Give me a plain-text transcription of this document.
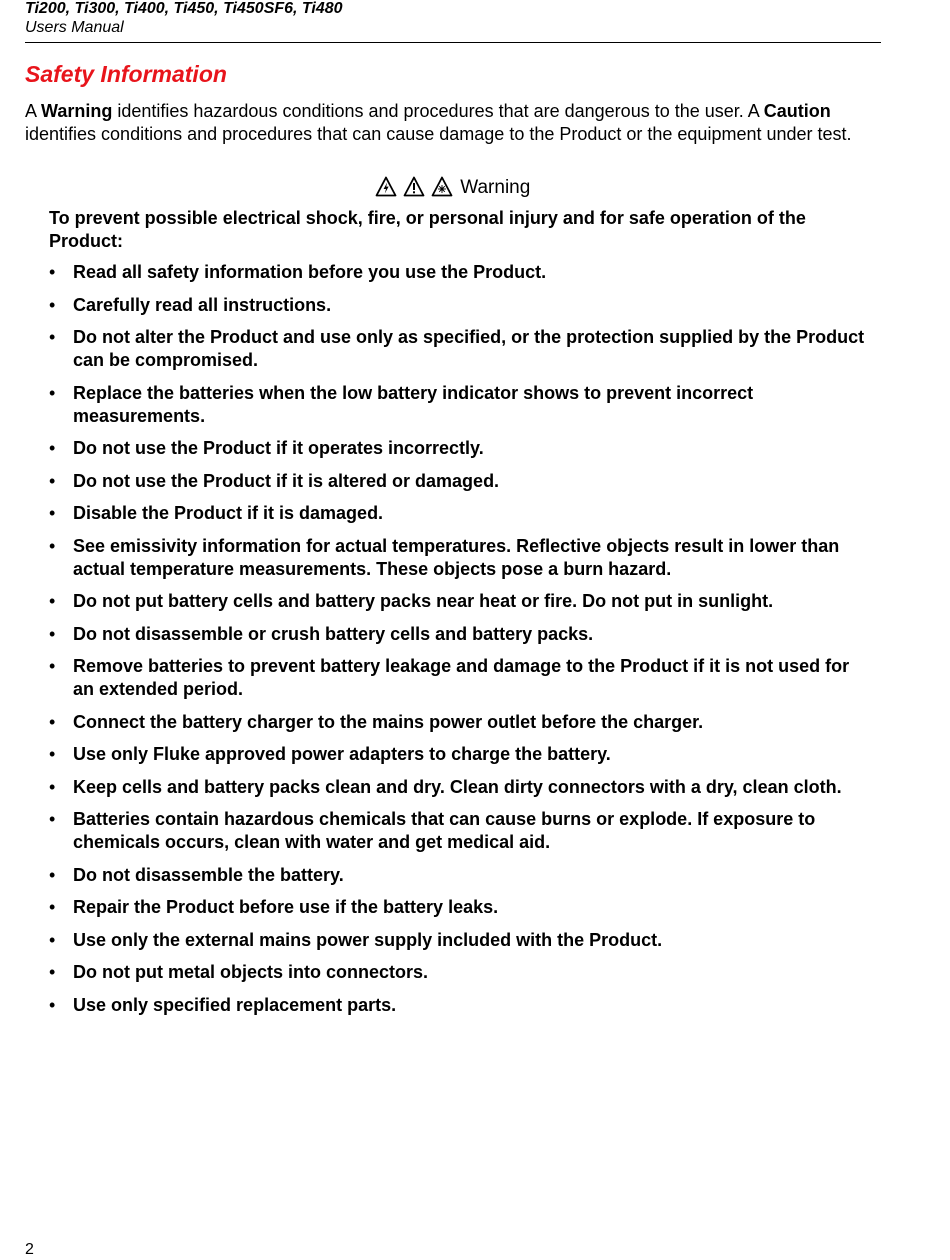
Ti200, Ti300, Ti400, Ti450, Ti450SF6, Ti480

Users Manual

Safety Information

A Warning identifies hazardous conditions and procedures that are dangerous to the user. A Caution identifies conditions and procedures that can cause damage to the Product or the equipment under test.

Warning

To prevent possible electrical shock, fire, or personal injury and for safe operation of the Product:

• Read all safety information before you use the Product.
• Carefully read all instructions.
• Do not alter the Product and use only as specified, or the protection supplied by the Product can be compromised.
• Replace the batteries when the low battery indicator shows to prevent incorrect measurements.
• Do not use the Product if it operates incorrectly.
• Do not use the Product if it is altered or damaged.
• Disable the Product if it is damaged.
• See emissivity information for actual temperatures. Reflective objects result in lower than actual temperature measurements. These objects pose a burn hazard.
• Do not put battery cells and battery packs near heat or fire. Do not put in sunlight.
• Do not disassemble or crush battery cells and battery packs.
• Remove batteries to prevent battery leakage and damage to the Product if it is not used for an extended period.
• Connect the battery charger to the mains power outlet before the charger.
• Use only Fluke approved power adapters to charge the battery.
• Keep cells and battery packs clean and dry. Clean dirty connectors with a dry, clean cloth.
• Batteries contain hazardous chemicals that can cause burns or explode. If exposure to chemicals occurs, clean with water and get medical aid.
• Do not disassemble the battery.
• Repair the Product before use if the battery leaks.
• Use only the external mains power supply included with the Product.
• Do not put metal objects into connectors.
• Use only specified replacement parts.
2
